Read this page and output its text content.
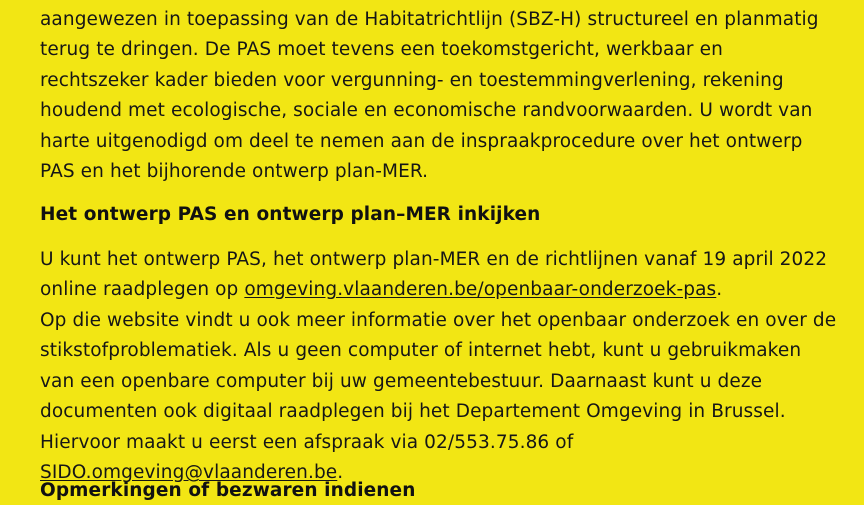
aangewezen in toepassing van de Habitatrichtlijn (SBZ-H) structureel en planmatig terug te dringen. De PAS moet tevens een toekomstgericht, werkbaar en rechtszeker kader bieden voor vergunning- en toestemmingverlening, rekening houdend met ecologische, sociale en economische randvoorwaarden. U wordt van harte uitgenodigd om deel te nemen aan de inspraakprocedure over het ontwerp PAS en het bijhorende ontwerp plan-MER.

Het ontwerp PAS en ontwerp plan–MER inkijken

U kunt het ontwerp PAS, het ontwerp plan-MER en de richtlijnen vanaf 19 april 2022 online raadplegen op omgeving.vlaanderen.be/openbaar-onderzoek-pas.
Op die website vindt u ook meer informatie over het openbaar onderzoek en over de stikstofproblematiek. Als u geen computer of internet hebt, kunt u gebruikmaken van een openbare computer bij uw gemeentebestuur. Daarnaast kunt u deze documenten ook digitaal raadplegen bij het Departement Omgeving in Brussel. Hiervoor maakt u eerst een afspraak via 02/553.75.86 of SIDO.omgeving@vlaanderen.be.

Opmerkingen of bezwaren indienen
